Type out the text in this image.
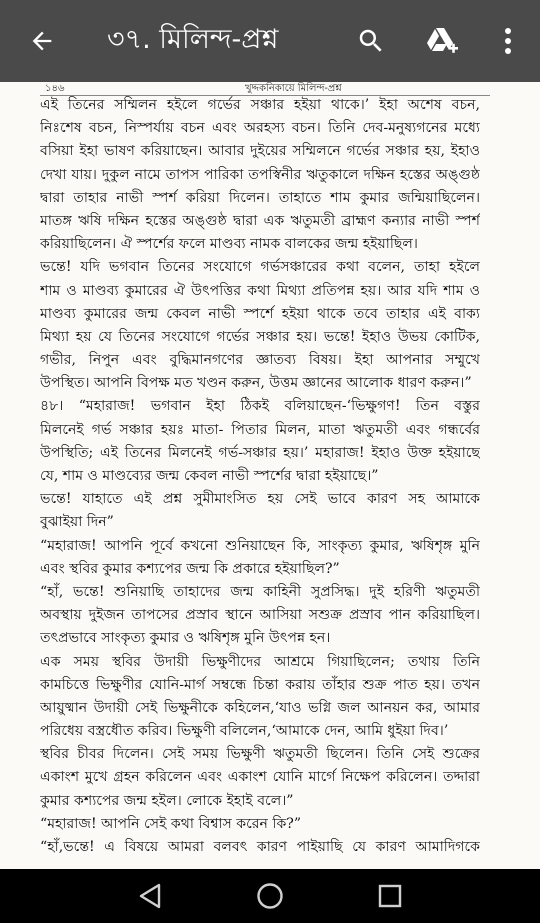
৩৭. মিলিন্দ-প্রশ্ন
১৪৬	খুদ্দকনিকায়ে মিলিন্দ-প্রশ্ন
এই তিনের সম্মিলন হইলে গর্ভের সঞ্চার হইয়া থাকে।’ ইহা অশেষ বচন,
নিঃশেষ বচন, নিস্পর্যায় বচন এবং অরহস্য বচন। তিনি দেব-মনুষ্যগনের মধ্যে
বসিয়া ইহা ভাষণ করিয়াছেন। আবার দুইয়ের সম্মিলনে গর্ভের সঞ্চার হয়, ইহাও
দেখা যায়। দুকুল নামে তাপস পারিকা তপস্বিনীর ঋতুকালে দক্ষিন হস্তের অঙ্গুষ্ঠ
দ্বারা তাহার নাভী স্পর্শ করিয়া দিলেন। তাহাতে শাম কুমার জন্মিয়াছিলেন।
মাতঙ্গ ঋষি দক্ষিন হস্তের অঙ্গুষ্ঠ দ্বারা এক ঋতুমতী ব্রাহ্মণ কন্যার নাভী স্পর্শ
করিয়াছিলেন। ঐ স্পর্শের ফলে মাণ্ডব্য নামক বালকের জন্ম হইয়াছিল।
ভন্তে! যদি ভগবান তিনের সংযোগে গর্ভসঞ্চারের কথা বলেন, তাহা হইলে
শাম ও মাণ্ডব্য কুমারের ঐ উৎপত্তির কথা মিথ্যা প্রতিপন্ন হয়। আর যদি শাম ও
মাণ্ডব্য কুমারের জন্ম কেবল নাভী স্পর্শে হইয়া থাকে তবে তাহার এই বাক্য
মিথ্যা হয় যে তিনের সংযোগে গর্ভের সঞ্চার হয়। ভন্তে! ইহাও উভয় কোটিক,
গভীর, নিপুন এবং বুদ্ধিমানগণের জ্ঞাতব্য বিষয়। ইহা আপনার সম্মুখে
উপস্থিত। আপনি বিপক্ষ মত খণ্ডন করুন, উত্তম জ্ঞানের আলোক ধারণ করুন।”
৪৮। “মহারাজ! ভগবান ইহা ঠিকই বলিয়াছেন-‘ভিক্ষুগণ! তিন বস্তুর
মিলনেই গর্ভ সঞ্চার হয়ঃ মাতা- পিতার মিলন, মাতা ঋতুমতী এবং গন্ধর্বের
উপস্থিতি; এই তিনের মিলনেই গর্ভ-সঞ্চার হয়।’ মহারাজ! ইহাও উক্ত হইয়াছে
যে, শাম ও মাণ্ডব্যের জন্ম কেবল নাভী স্পর্শের দ্বারা হইয়াছে।”
ভন্তে! যাহাতে এই প্রশ্ন সুমীমাংসিত হয় সেই ভাবে কারণ সহ আমাকে
বুঝাইয়া দিন”
“মহারাজ! আপনি পূর্বে কখনো শুনিয়াছেন কি, সাংকৃত্য কুমার, ঋষিশৃঙ্গ মুনি
এবং স্থবির কুমার কশ্যপের জন্ম কি প্রকারে হইয়াছিল?”
“হাঁ, ভন্তে! শুনিয়াছি তাহাদের জন্ম কাহিনী সুপ্রসিদ্ধ। দুই হরিণী ঋতুমতী
অবস্থায় দুইজন তাপসের প্রস্রাব স্থানে আসিয়া সশুক্র প্রস্রাব পান করিয়াছিল।
তৎপ্রভাবে সাংকৃত্য কুমার ও ঋষিশৃঙ্গ মুনি উৎপন্ন হন।
এক সময় স্থবির উদায়ী ভিক্ষুণীদের আশ্রমে গিয়াছিলেন; তথায় তিনি
কামচিত্তে ভিক্ষুণীর যোনি-মার্গ সম্বন্ধে চিন্তা করায় তাঁহার শুক্র পাত হয়। তখন
আয়ুষ্মান উদায়ী সেই ভিক্ষুনীকে কহিলেন,‘যাও ভগ্নি জল আনয়ন কর, আমার
পরিধেয় বস্ত্রধৌত করিব। ভিক্ষুণী বলিলেন,‘আমাকে দেন, আমি ধুইয়া দিব।’
স্থবির চীবর দিলেন। সেই সময় ভিক্ষুণী ঋতুমতী ছিলেন। তিনি সেই শুক্রের
একাংশ মুখে গ্রহন করিলেন এবং একাংশ যোনি মার্গে নিক্ষেপ করিলেন। তদ্দারা
কুমার কশ্যপের জন্ম হইল। লোকে ইহাই বলে।”
“মহারাজ! আপনি সেই কথা বিশ্বাস করেন কি?”
“হাঁ,ভন্তে! এ বিষয়ে আমরা বলবৎ কারণ পাইয়াছি যে কারণ আমাদিগকে
